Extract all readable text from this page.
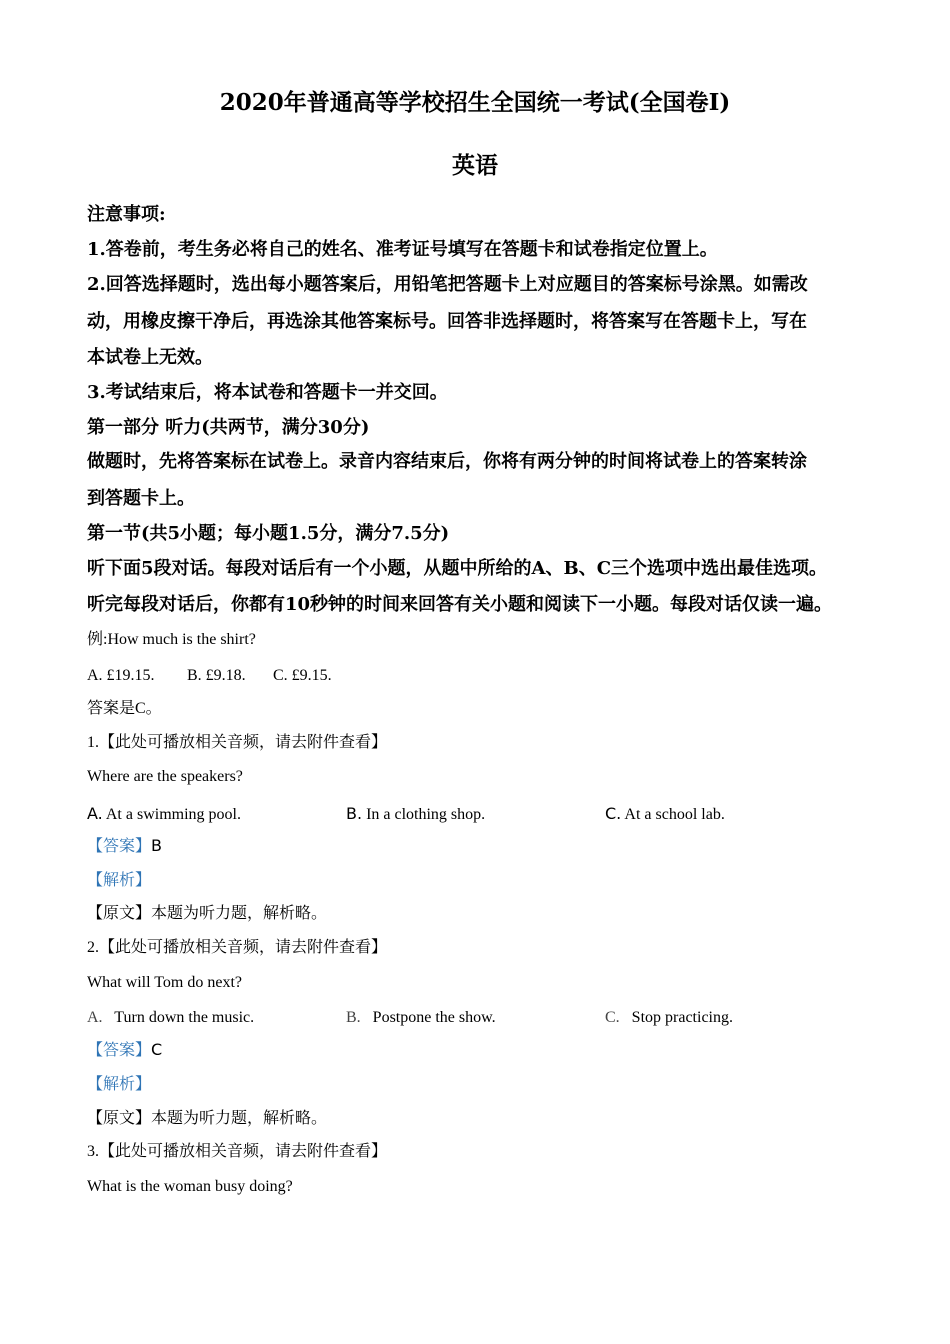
2020年普通高等学校招生全国统一考试(全国卷I)
英语
注意事项:
1.答卷前，考生务必将自己的姓名、准考证号填写在答题卡和试卷指定位置上。
2.回答选择题时，选出每小题答案后，用铅笔把答题卡上对应题目的答案标号涂黑。如需改
动，用橡皮擦干净后，再选涂其他答案标号。回答非选择题时，将答案写在答题卡上，写在
本试卷上无效。
3.考试结束后，将本试卷和答题卡一并交回。
第一部分 听力(共两节，满分30分)
做题时，先将答案标在试卷上。录音内容结束后，你将有两分钟的时间将试卷上的答案转涂
到答题卡上。
第一节(共5小题；每小题1.5分，满分7.5分)
听下面5段对话。每段对话后有一个小题，从题中所给的A、B、C三个选项中选出最佳选项。
听完每段对话后，你都有10秒钟的时间来回答有关小题和阅读下一小题。每段对话仅读一遍。
例:How much is the shirt?
A. £19.15. B. £9.18. C. £9.15.
答案是C。
1.【此处可播放相关音频，请去附件查看】
Where are the speakers?
A. At a swimming pool.	B. In a clothing shop.	C. At a school lab.
【答案】B
【解析】
【原文】本题为听力题，解析略。
2.【此处可播放相关音频，请去附件查看】
What will Tom do next?
A. Turn down the music.	B. Postpone the show.	C. Stop practicing.
【答案】C
【解析】
【原文】本题为听力题，解析略。
3.【此处可播放相关音频，请去附件查看】
What is the woman busy doing?
